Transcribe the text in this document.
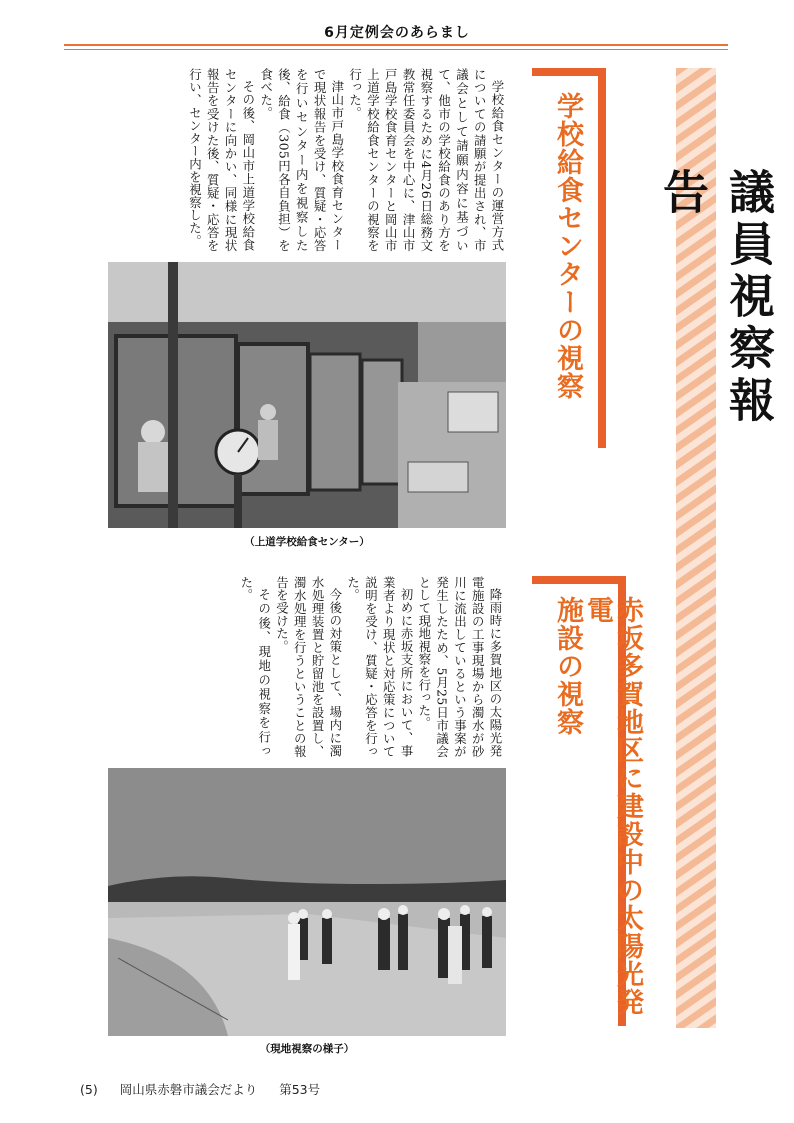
6月定例会のあらまし
議員視察報告
学校給食センターの視察

学校給食センターの運営方式についての請願が提出され、市議会として請願内容に基づいて、他市の学校給食のあり方を視察するために4月26日総務文教常任委員会を中心に、津山市戸島学校食育センターと岡山市上道学校給食センターの視察を行った。

津山市戸島学校食育センターで現状報告を受け、質疑・応答を行いセンター内を視察した後、給食（305円各自負担）を食べた。

その後、岡山市上道学校給食センターに向かい、同様に現状報告を受けた後、質疑・応答を行い、センター内を視察した。

（上道学校給食センター）
赤坂多賀地区に建設中の太陽光発電
施設の視察

降雨時に多賀地区の太陽光発電施設の工事現場から濁水が砂川に流出しているという事案が発生したため、5月25日市議会として現地視察を行った。

初めに赤坂支所において、事業者より現状と対応策について説明を受け、質疑・応答を行った。

今後の対策として、場内に濁水処理装置と貯留池を設置し、濁水処理を行うということの報告を受けた。

その後、現地の視察を行った。

（現地視察の様子）
(5) 岡山県赤磐市議会だより 第53号
